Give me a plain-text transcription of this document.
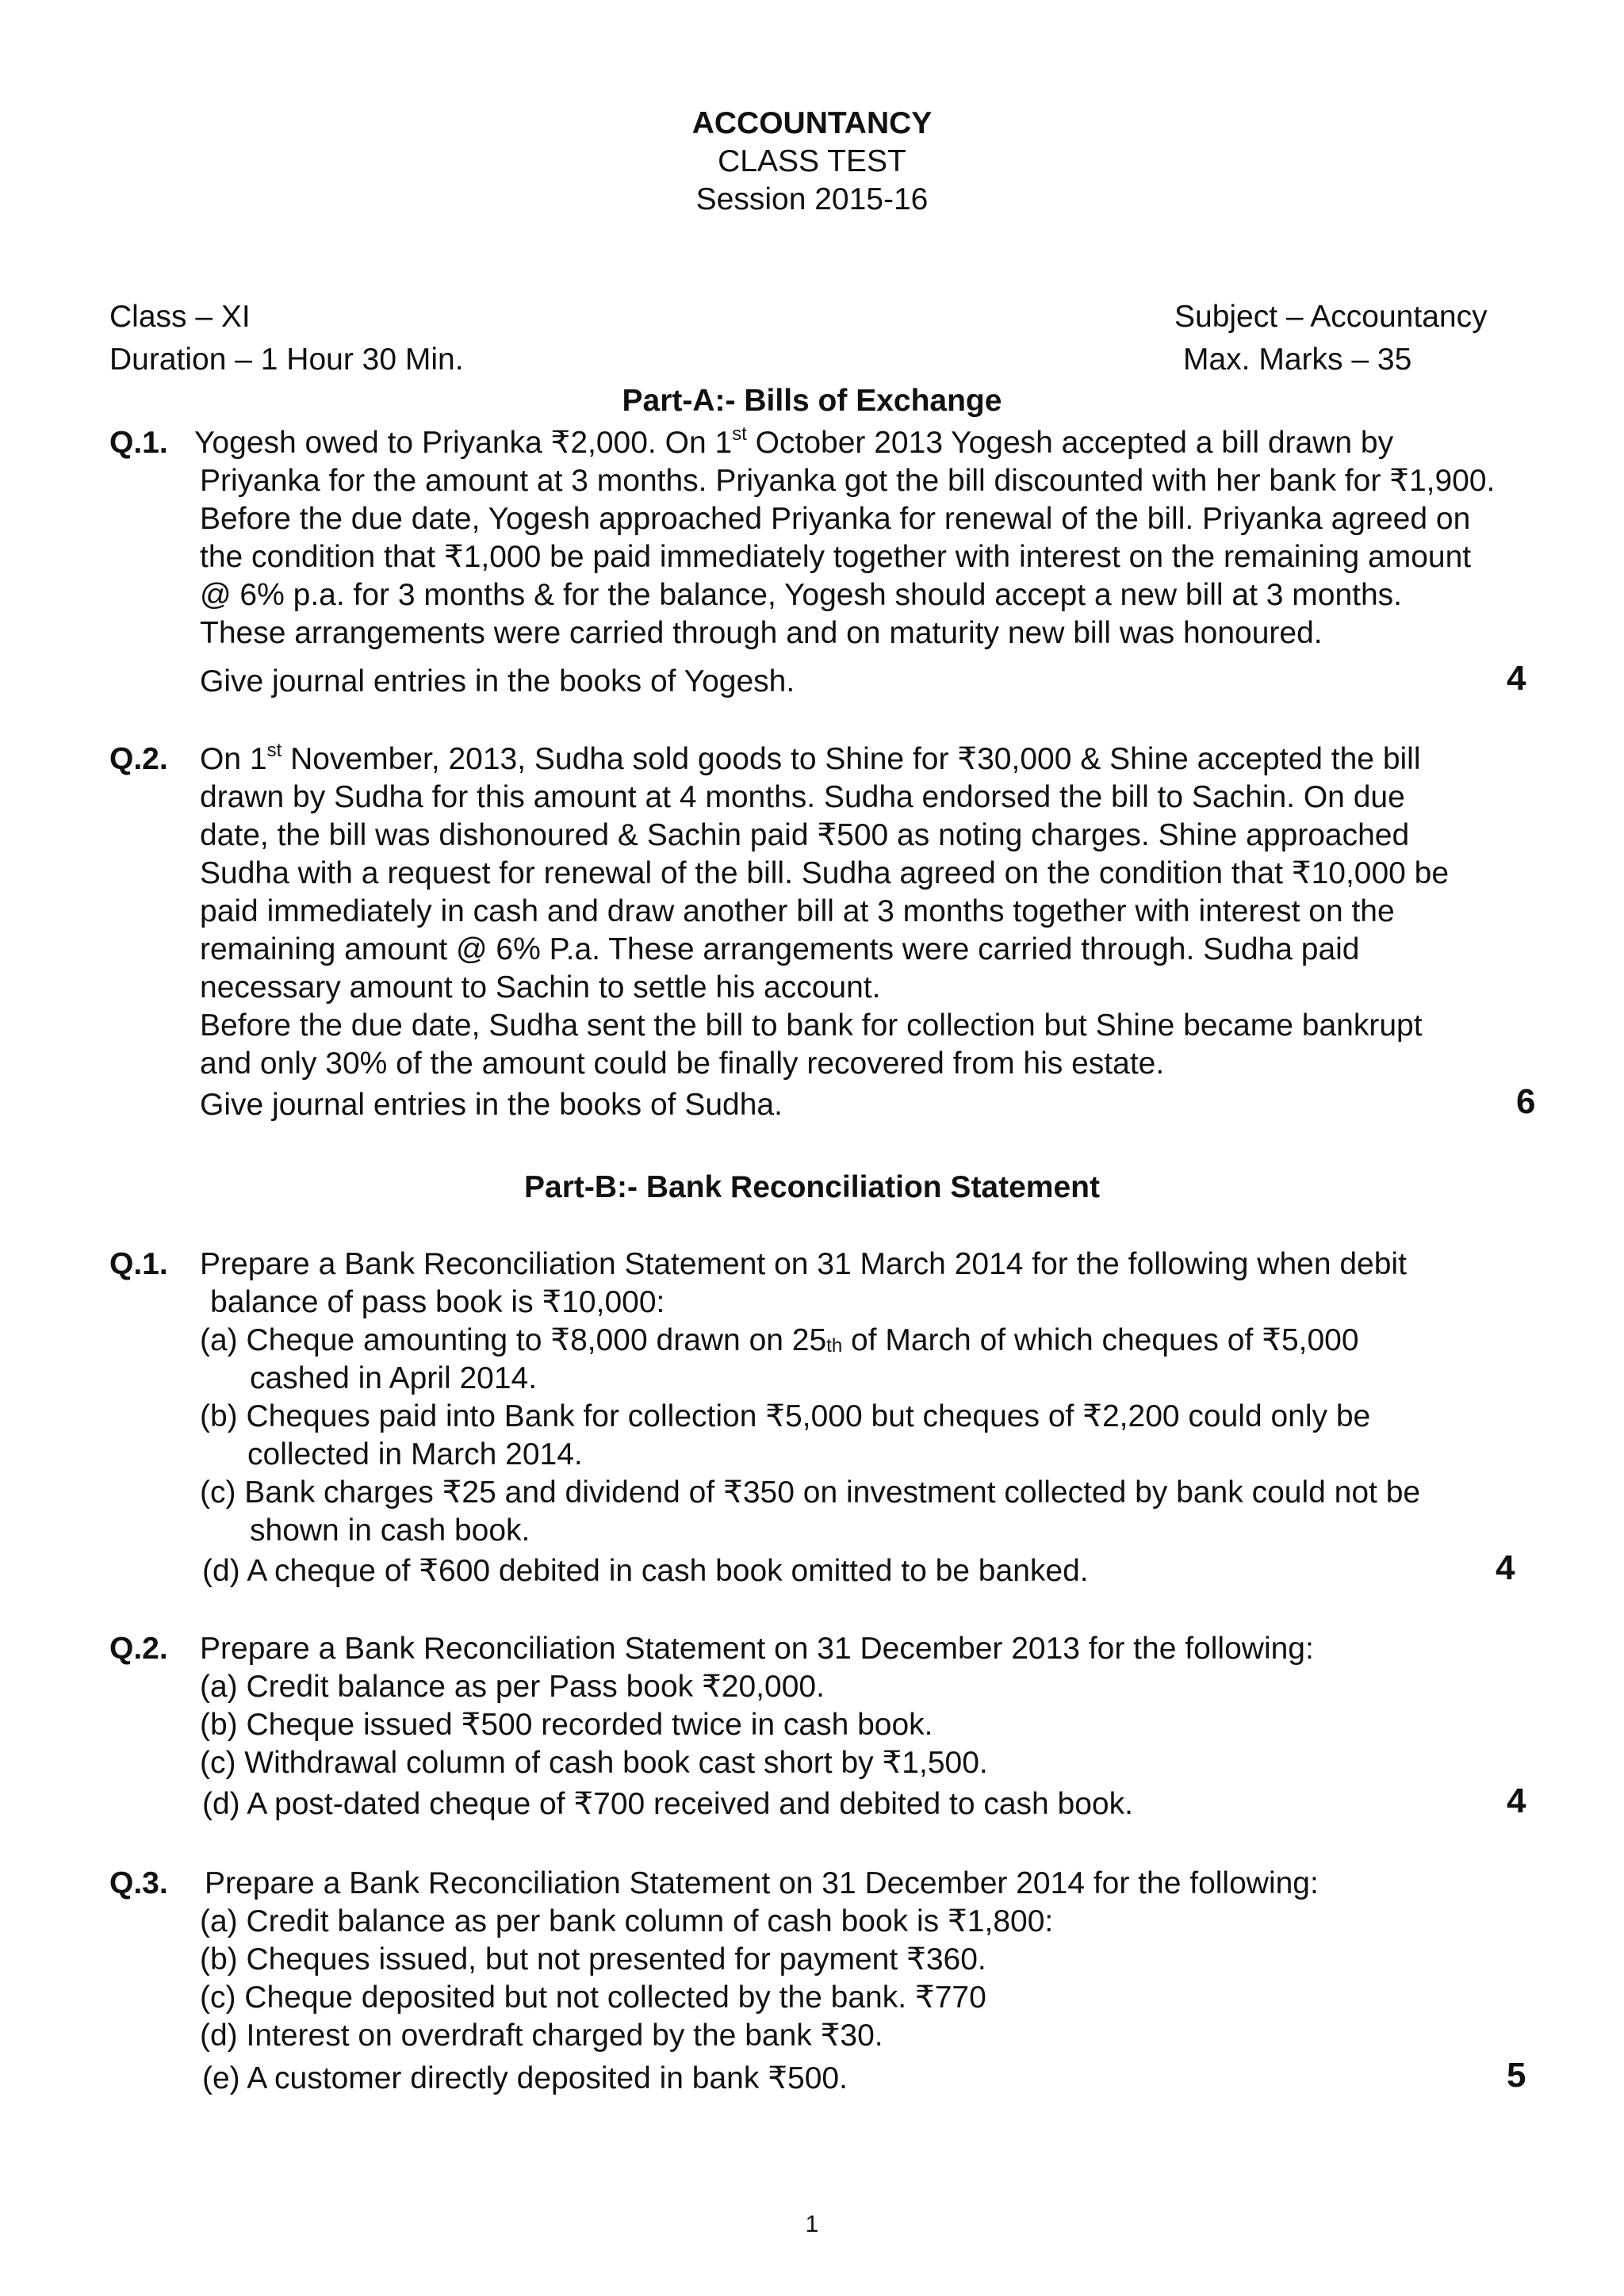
ACCOUNTANCY
CLASS TEST
Session 2015-16
Class – XI	Subject – Accountancy
Duration – 1 Hour 30 Min.	Max. Marks – 35
Part-A:- Bills of Exchange
Q.1. Yogesh owed to Priyanka ₹2,000. On 1st October 2013 Yogesh accepted a bill drawn by
Priyanka for the amount at 3 months. Priyanka got the bill discounted with her bank for ₹1,900.
Before the due date, Yogesh approached Priyanka for renewal of the bill. Priyanka agreed on
the condition that ₹1,000 be paid immediately together with interest on the remaining amount
@ 6% p.a. for 3 months & for the balance, Yogesh should accept a new bill at 3 months.
These arrangements were carried through and on maturity new bill was honoured.
Give journal entries in the books of Yogesh.	4
Q.2. On 1st November, 2013, Sudha sold goods to Shine for ₹30,000 & Shine accepted the bill
drawn by Sudha for this amount at 4 months. Sudha endorsed the bill to Sachin. On due
date, the bill was dishonoured & Sachin paid ₹500 as noting charges. Shine approached
Sudha with a request for renewal of the bill. Sudha agreed on the condition that ₹10,000 be
paid immediately in cash and draw another bill at 3 months together with interest on the
remaining amount @ 6% P.a. These arrangements were carried through. Sudha paid
necessary amount to Sachin to settle his account.
Before the due date, Sudha sent the bill to bank for collection but Shine became bankrupt
and only 30% of the amount could be finally recovered from his estate.
Give journal entries in the books of Sudha.	6
Part-B:- Bank Reconciliation Statement
Q.1. Prepare a Bank Reconciliation Statement on 31 March 2014 for the following when debit
balance of pass book is ₹10,000:
(a) Cheque amounting to ₹8,000 drawn on $25_{th}$ of March of which cheques of ₹5,000
cashed in April 2014.
(b) Cheques paid into Bank for collection ₹5,000 but cheques of ₹2,200 could only be
collected in March 2014.
(c) Bank charges ₹25 and dividend of ₹350 on investment collected by bank could not be
shown in cash book.
(d) A cheque of ₹600 debited in cash book omitted to be banked.	4
Q.2. Prepare a Bank Reconciliation Statement on 31 December 2013 for the following:
(a) Credit balance as per Pass book ₹20,000.
(b) Cheque issued ₹500 recorded twice in cash book.
(c) Withdrawal column of cash book cast short by ₹1,500.
(d) A post-dated cheque of ₹700 received and debited to cash book.	4
Q.3. Prepare a Bank Reconciliation Statement on 31 December 2014 for the following:
(a) Credit balance as per bank column of cash book is ₹1,800:
(b) Cheques issued, but not presented for payment ₹360.
(c) Cheque deposited but not collected by the bank. ₹770
(d) Interest on overdraft charged by the bank ₹30.
(e) A customer directly deposited in bank ₹500.	5
1
